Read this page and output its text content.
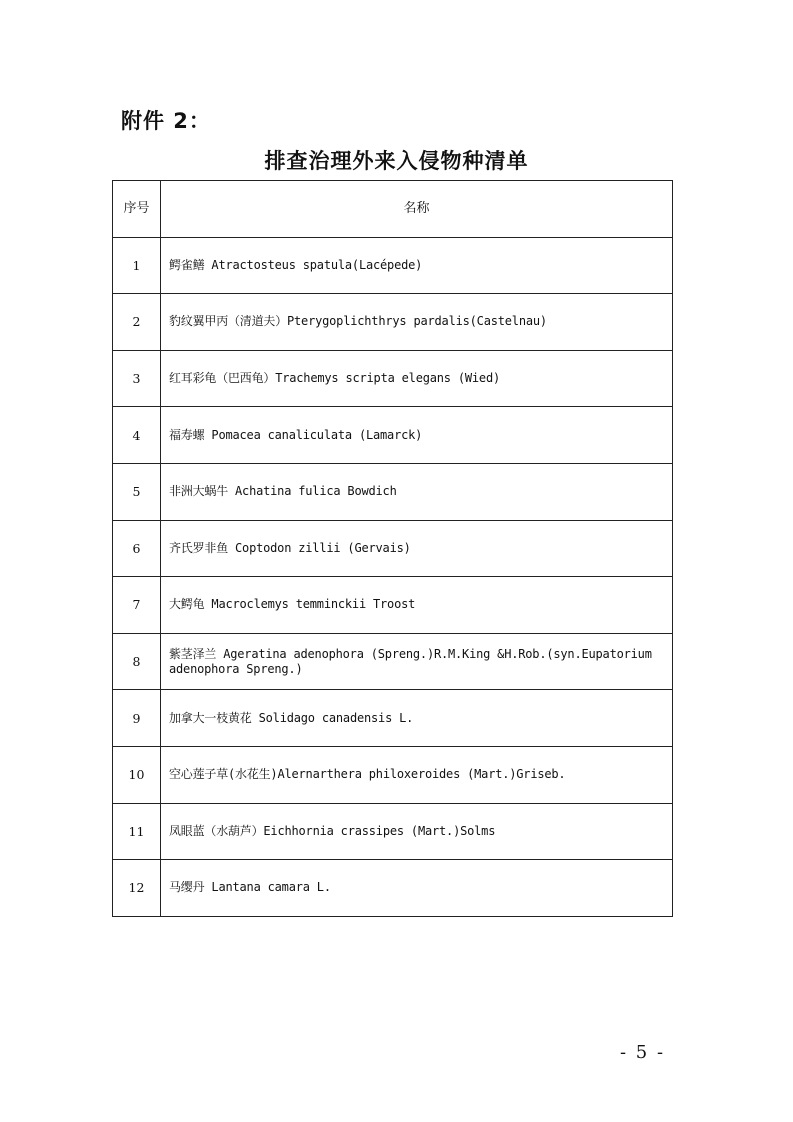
附件 2：
排查治理外来入侵物种清单
序号	名称
1	鳄雀鳝 Atractosteus spatula(Lacépede)
2	豹纹翼甲丙（清道夫）Pterygoplichthrys pardalis(Castelnau)
3	红耳彩龟（巴西龟）Trachemys scripta elegans (Wied)
4	福寿螺 Pomacea canaliculata (Lamarck)
5	非洲大蜗牛 Achatina fulica Bowdich
6	齐氏罗非鱼 Coptodon zillii (Gervais)
7	大鳄龟 Macroclemys temminckii Troost
8	紫茎泽兰 Ageratina adenophora (Spreng.)R.M.King &H.Rob.(syn.Eupatorium adenophora Spreng.)
9	加拿大一枝黄花 Solidago canadensis L.
10	空心莲子草(水花生)Alernarthera philoxeroides (Mart.)Griseb.
11	凤眼蓝（水葫芦）Eichhornia crassipes (Mart.)Solms
12	马缨丹 Lantana camara L.
- 5 -
